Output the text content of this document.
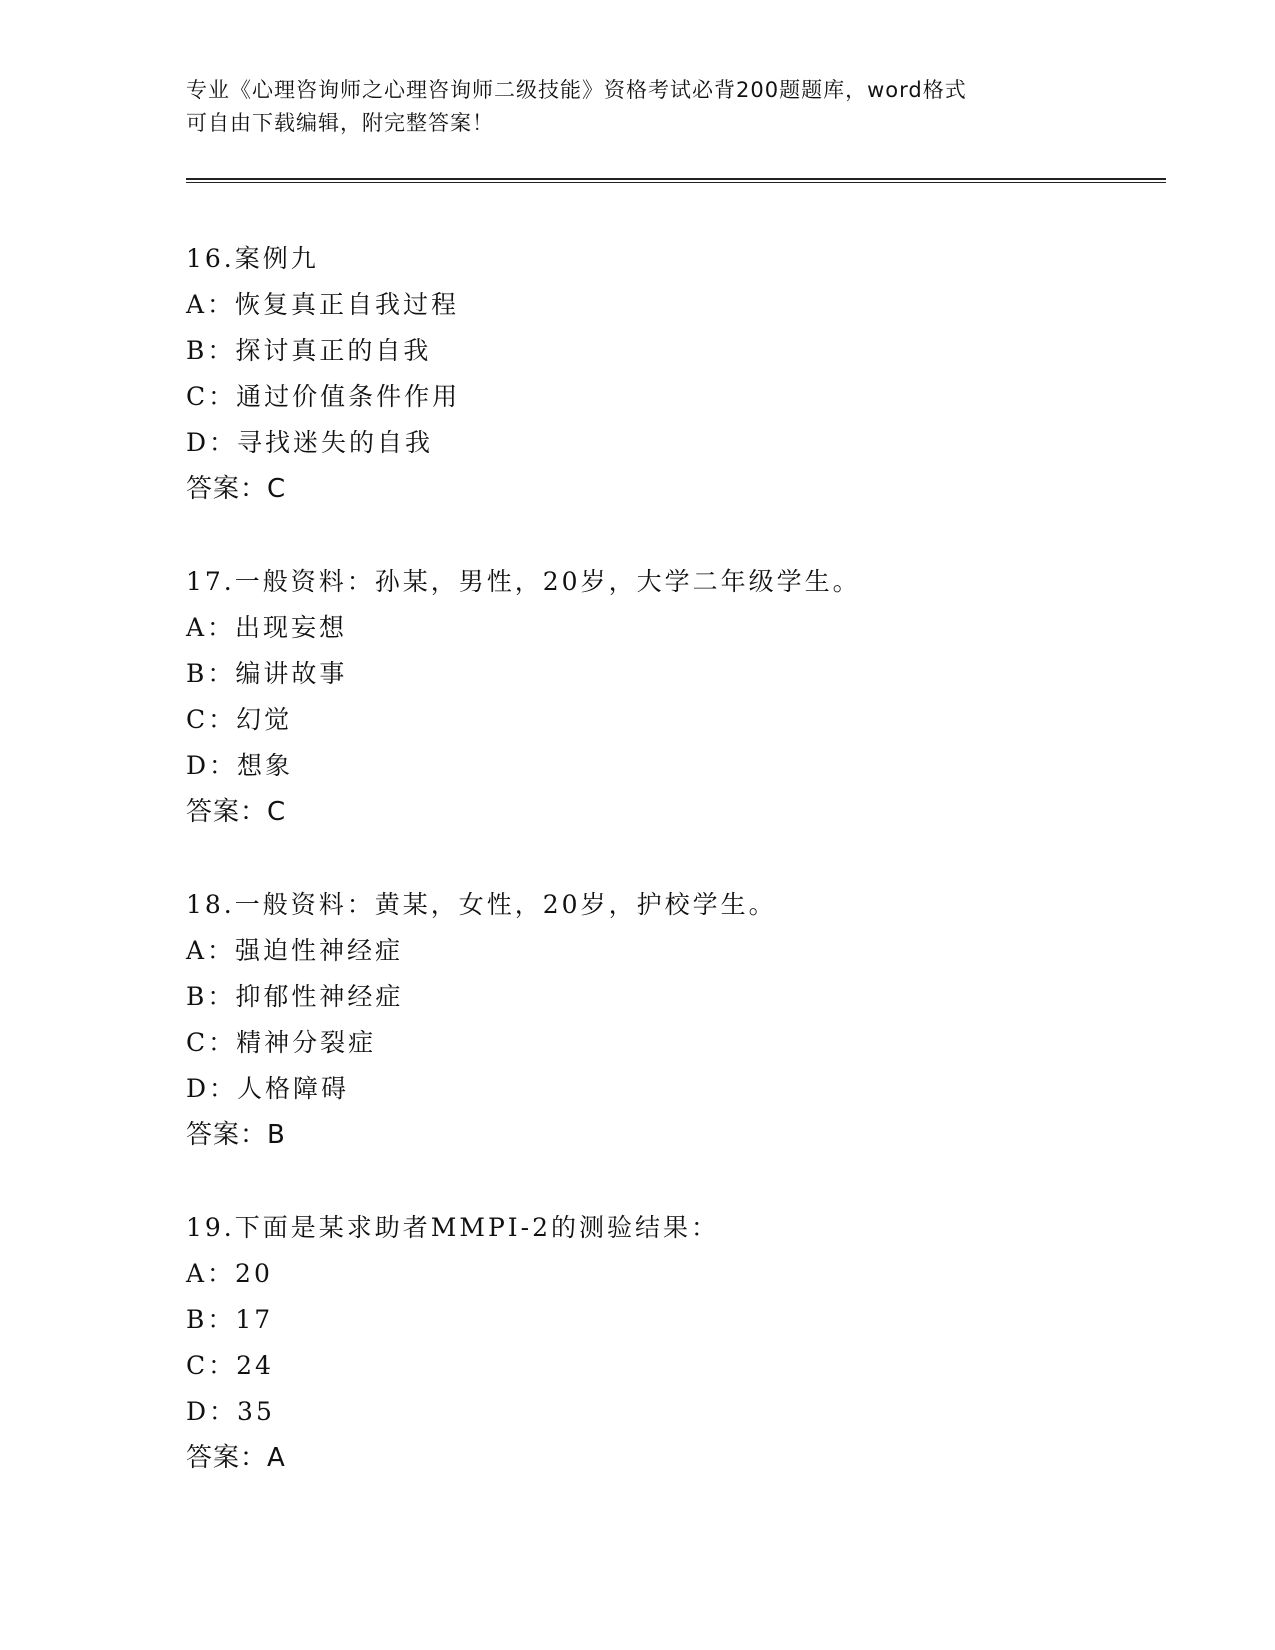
专业《心理咨询师之心理咨询师二级技能》资格考试必背200题题库，word格式
可自由下载编辑，附完整答案！
16.案例九
A：恢复真正自我过程
B：探讨真正的自我
C：通过价值条件作用
D：寻找迷失的自我
答案：C
17.一般资料：孙某，男性，20岁，大学二年级学生。
A：出现妄想
B：编讲故事
C：幻觉
D：想象
答案：C
18.一般资料：黄某，女性，20岁，护校学生。
A：强迫性神经症
B：抑郁性神经症
C：精神分裂症
D：人格障碍
答案：B
19.下面是某求助者MMPI-2的测验结果：
A：20
B：17
C：24
D：35
答案：A
